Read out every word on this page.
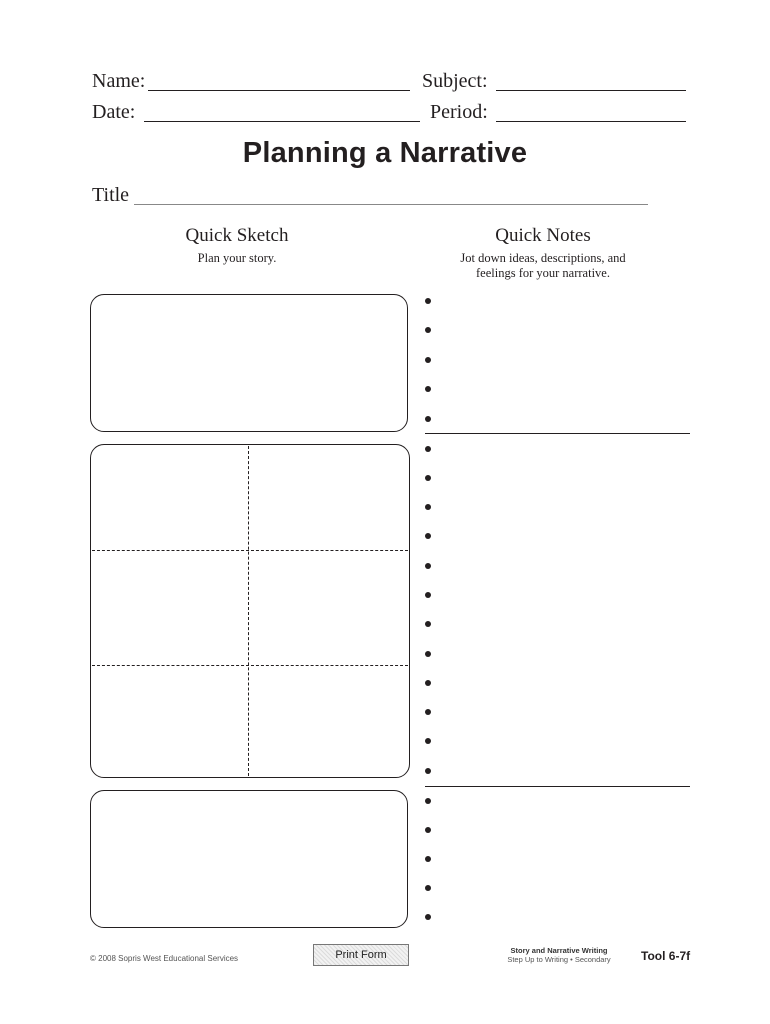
Name:	Subject:
Date:	Period:
Planning a Narrative
Title
Quick Sketch
Plan your story.
Quick Notes
Jot down ideas, descriptions, and
feelings for your narrative.
© 2008 Sopris West Educational Services	Print Form	Story and Narrative Writing
Step Up to Writing • Secondary	Tool 6-7f
